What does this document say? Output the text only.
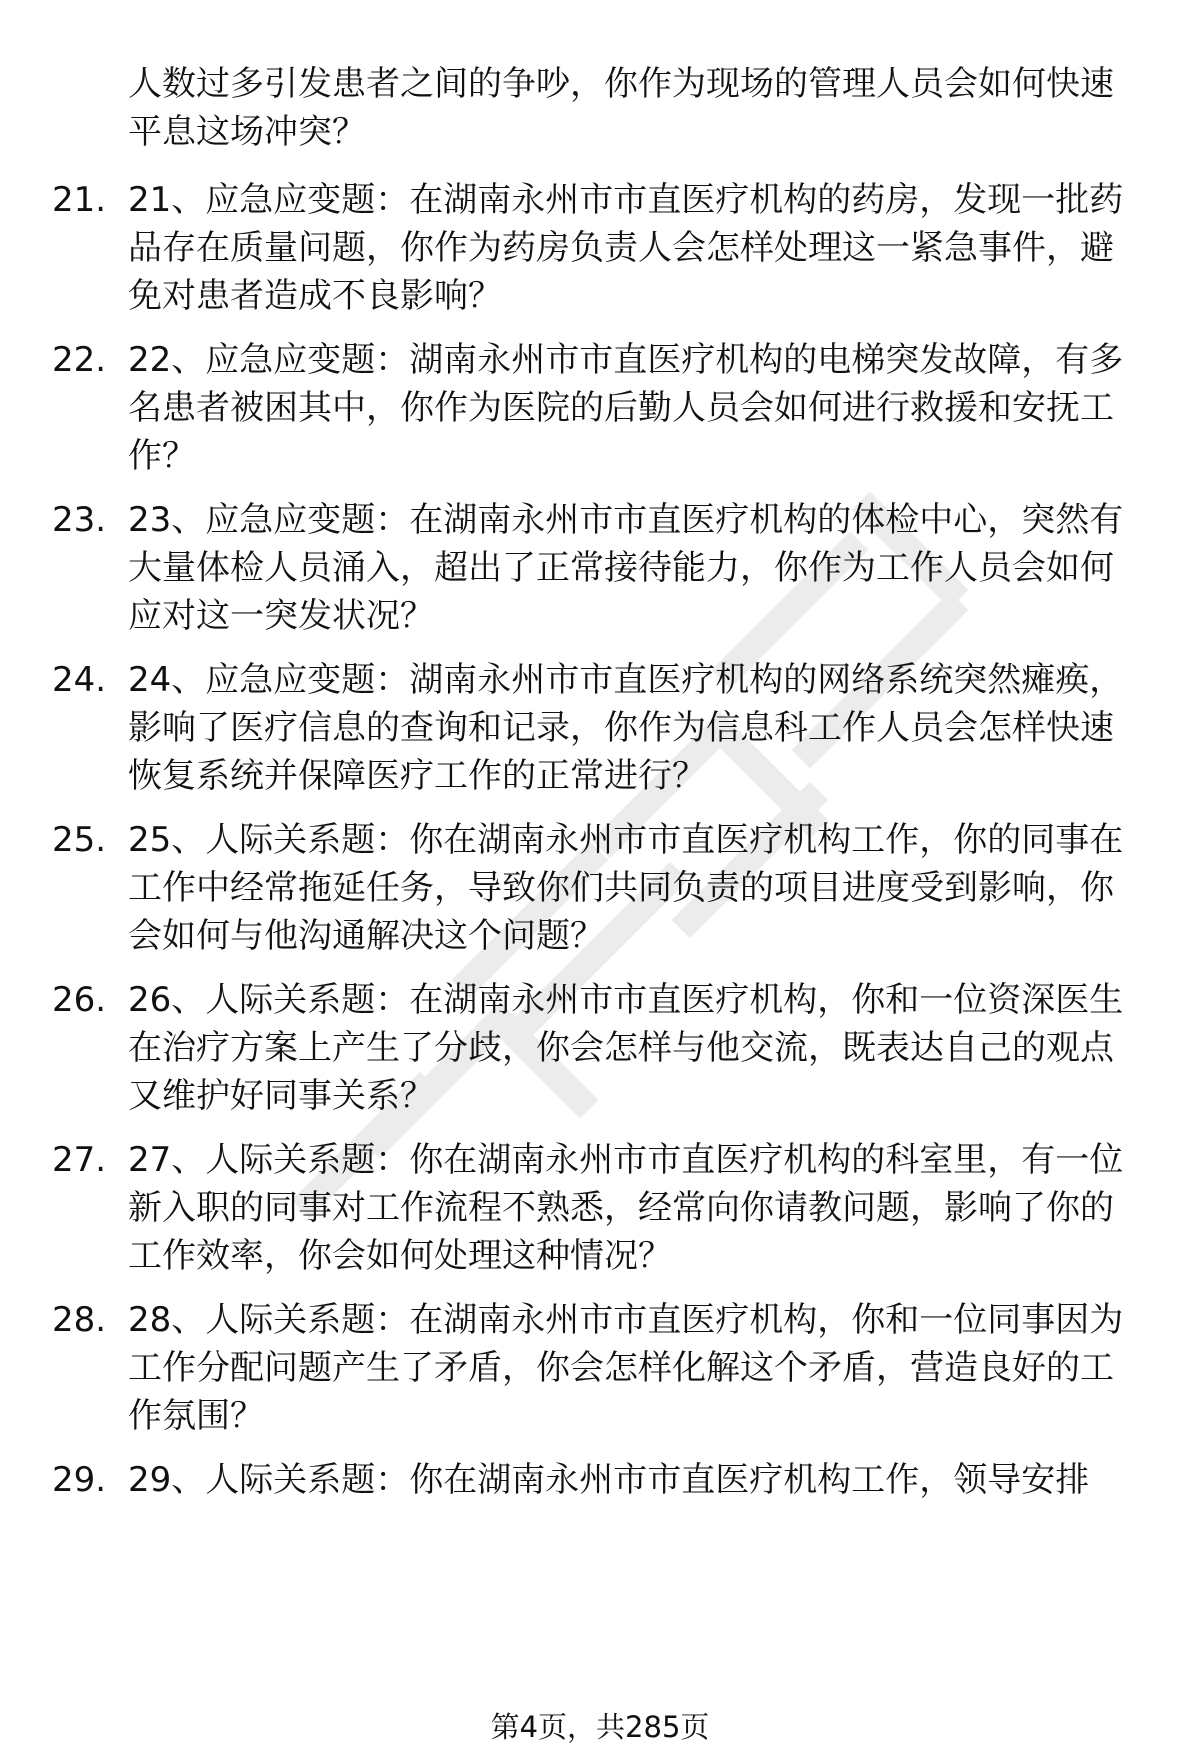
人数过多引发患者之间的争吵，你作为现场的管理人员会如何快速平息这场冲突？
21. 21、应急应变题：在湖南永州市市直医疗机构的药房，发现一批药品存在质量问题，你作为药房负责人会怎样处理这一紧急事件，避免对患者造成不良影响？
22. 22、应急应变题：湖南永州市市直医疗机构的电梯突发故障，有多名患者被困其中，你作为医院的后勤人员会如何进行救援和安抚工作？
23. 23、应急应变题：在湖南永州市市直医疗机构的体检中心，突然有大量体检人员涌入，超出了正常接待能力，你作为工作人员会如何应对这一突发状况？
24. 24、应急应变题：湖南永州市市直医疗机构的网络系统突然瘫痪，影响了医疗信息的查询和记录，你作为信息科工作人员会怎样快速恢复系统并保障医疗工作的正常进行？
25. 25、人际关系题：你在湖南永州市市直医疗机构工作，你的同事在工作中经常拖延任务，导致你们共同负责的项目进度受到影响，你会如何与他沟通解决这个问题？
26. 26、人际关系题：在湖南永州市市直医疗机构，你和一位资深医生在治疗方案上产生了分歧，你会怎样与他交流，既表达自己的观点又维护好同事关系？
27. 27、人际关系题：你在湖南永州市市直医疗机构的科室里，有一位新入职的同事对工作流程不熟悉，经常向你请教问题，影响了你的工作效率，你会如何处理这种情况？
28. 28、人际关系题：在湖南永州市市直医疗机构，你和一位同事因为工作分配问题产生了矛盾，你会怎样化解这个矛盾，营造良好的工作氛围？
29. 29、人际关系题：你在湖南永州市市直医疗机构工作，领导安排
第4页，共285页
